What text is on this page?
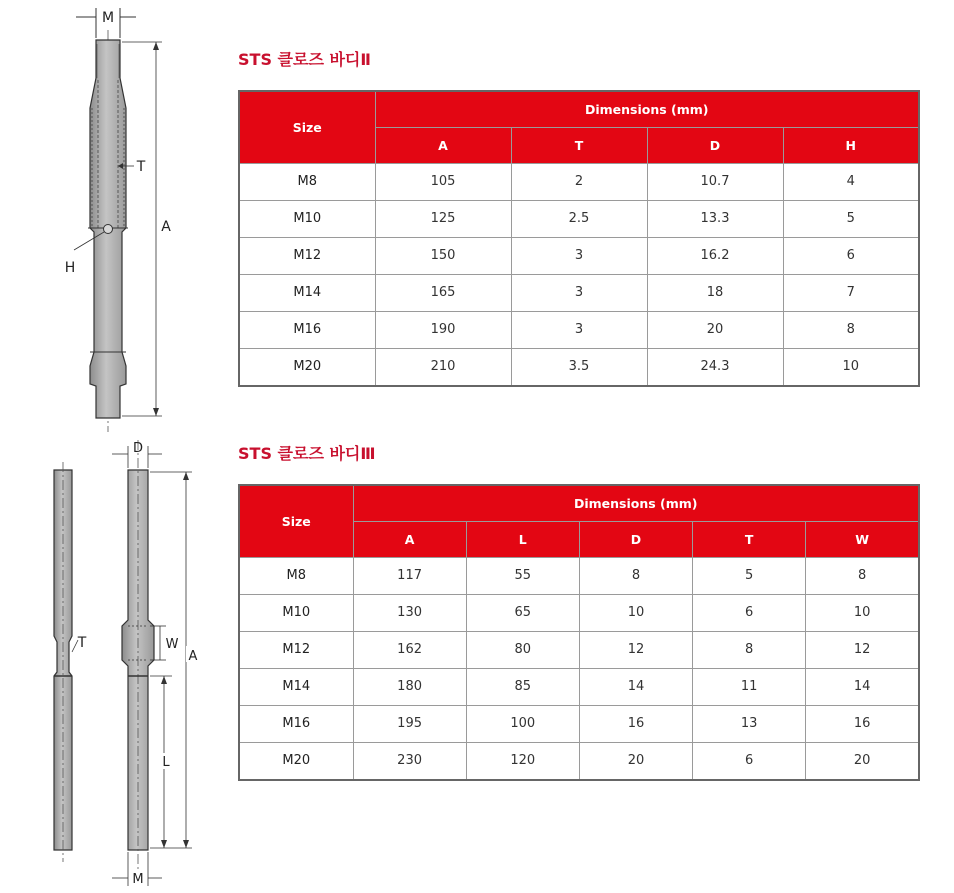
M
H
T
A
T
D
W
A
L
M
STS 클로즈 바디Ⅱ
Size	Dimensions (mm)			
	A	T	D	H
M8	105	2	10.7	4
M10	125	2.5	13.3	5
M12	150	3	16.2	6
M14	165	3	18	7
M16	190	3	20	8
M20	210	3.5	24.3	10
STS 클로즈 바디Ⅲ
Size	Dimensions (mm)				
	A	L	D	T	W
M8	117	55	8	5	8
M10	130	65	10	6	10
M12	162	80	12	8	12
M14	180	85	14	11	14
M16	195	100	16	13	16
M20	230	120	20	6	20
